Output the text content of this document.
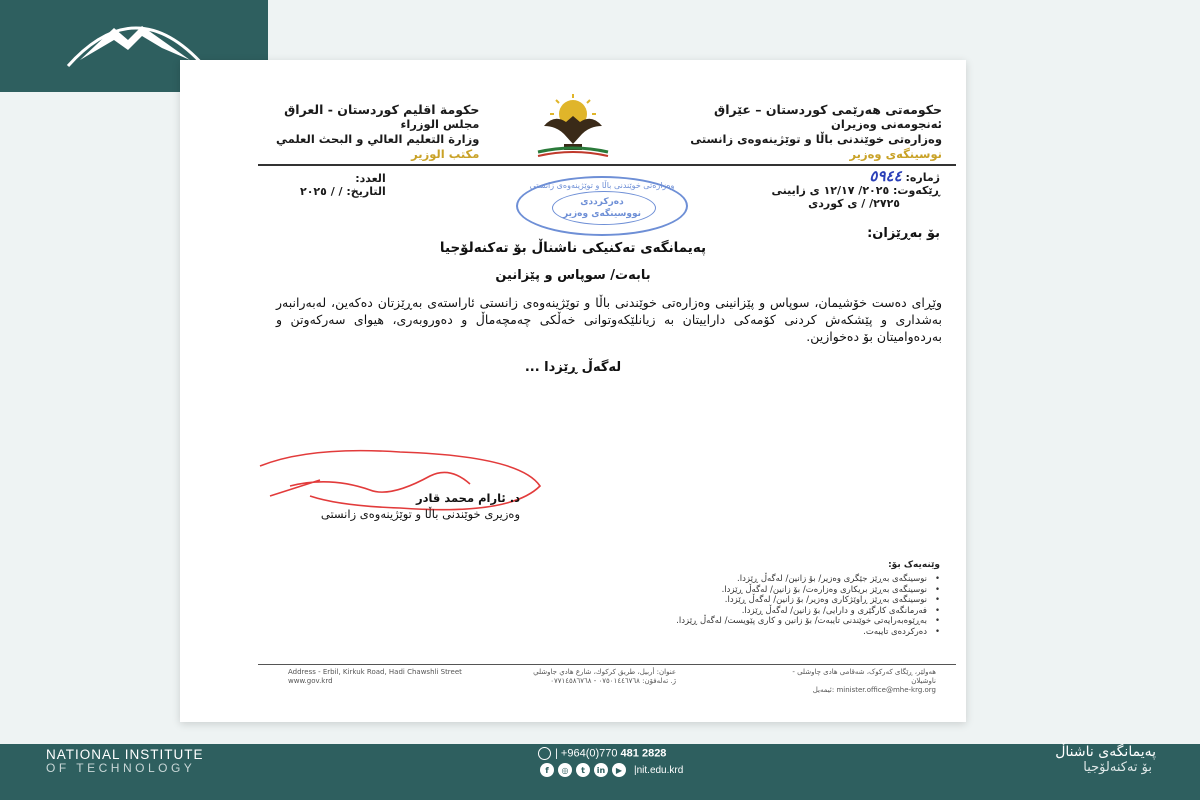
حکومەتی هەرێمی کوردستان – عێراق
ئەنجومەنی وەزیران
وەزارەتی خوێندنی باڵا و توێژینەوەی زانستی
نوسینگەی وەزیر
حكومة اقليم كوردستان - العراق
مجلس الوزراء
وزارة التعليم العالي و البحث العلمي
مكتب الوزير
ژمارە: ٥٩٤٤
ڕێکەوت: ٢٠٢٥/ ١٢/١٧ ی زایینی
٢٧٢٥/ / ی کوردی
العدد:
التاريخ: / / ٢٠٢٥	وەزارەتی خوێندنی باڵا و توێژینەوەی زانستی
دەرکرددی
نووسینگەی وەزیر
بۆ بەڕێزان:
پەیمانگەی تەکنیکی ناشناڵ بۆ تەکنەلۆجیا
بابەت/ سوپاس و پێزانین
وێڕای دەست خۆشیمان، سوپاس و پێزانینی وەزارەتی خوێندنی باڵا و توێژینەوەی زانستی ئاراستەی بەڕێزتان دەکەین، لەبەرانبەر بەشداری و پێشکەش کردنی کۆمەکی داراییتان بە زیانلێکەوتوانی خەڵکی چەمچەماڵ و دەوروبەری، هیوای سەرکەوتن و بەردەوامیتان بۆ دەخوازین.
لەگەڵ ڕێزدا ...
د. ئارام محمد قادر
وەزیری خوێندنی باڵا و توێژینەوەی زانستی
وێنەیەک بۆ:
• نوسینگەی بەڕێز جێگری وەزیر/ بۆ زانین/ لەگەڵ ڕێزدا.
• نوسینگەی بەڕێز بریکاری وەزارەت/ بۆ زانین/ لەگەڵ ڕێزدا.
• نوسینگەی بەڕێز ڕاوێژکاری وەزیر/ بۆ زانین/ لەگەڵ ڕێزدا.
• فەرمانگەی کارگێری و دارایی/ بۆ زانین/ لەگەڵ ڕێزدا.
• بەڕێوەبەرایەتی خوێندنی تایبەت/ بۆ زانین و کاری پێویست/ لەگەڵ ڕێزدا.
• دەرکردەی تایبەت.
Address - Erbil, Kirkuk Road, Hadi Chawshli Street
www.gov.krd
عنوان: أربيل، طريق كركوك، شارع هادي جاوشلي
ژ. تەلەفۆن: ٠٧٥٠١٤٤٦٧٦٨ - ٠٧٧١٤٥٨٦٧٦٨
هەولێر، ڕێگای کەرکوک، شەقامی هادی چاوشلی - ناوشیلان
minister.office@mhe-krg.org :ئیمەیل
NATIONAL INSTITUTE
OF TECHNOLOGY
| +964(0)770 481 2828
f	◎	t	in	▶	|nit.edu.krd
پەیمانگەی ناشناڵ
بۆ تەکنەلۆجیا
